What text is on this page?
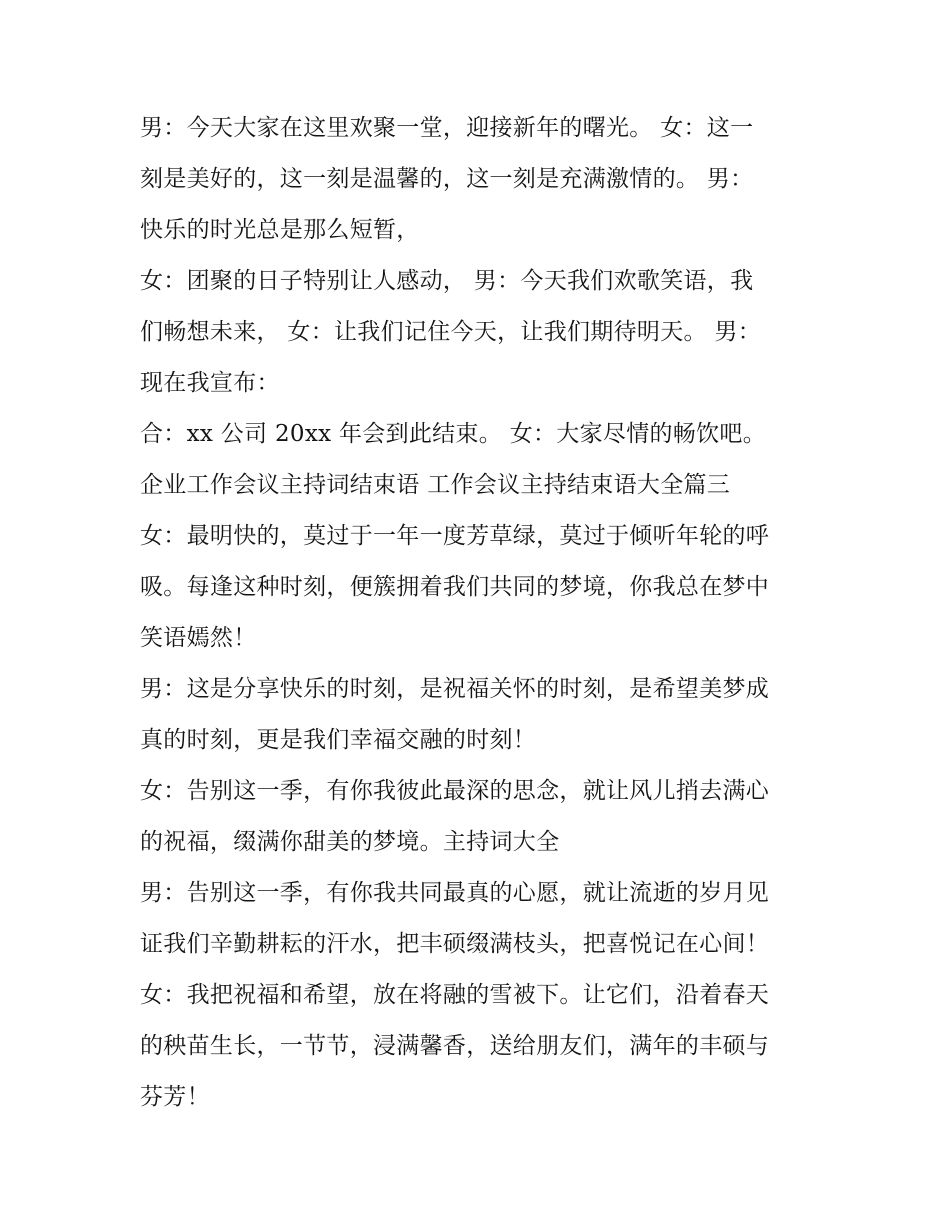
男：今天大家在这里欢聚一堂，迎接新年的曙光。 女：这一
刻是美好的，这一刻是温馨的，这一刻是充满激情的。 男：
快乐的时光总是那么短暂，
女：团聚的日子特别让人感动， 男：今天我们欢歌笑语，我
们畅想未来， 女：让我们记住今天，让我们期待明天。 男：
现在我宣布：
合：xx 公司 20xx 年会到此结束。 女：大家尽情的畅饮吧。
企业工作会议主持词结束语 工作会议主持结束语大全篇三
女：最明快的，莫过于一年一度芳草绿，莫过于倾听年轮的呼
吸。每逢这种时刻，便簇拥着我们共同的梦境，你我总在梦中
笑语嫣然！
男：这是分享快乐的时刻，是祝福关怀的时刻，是希望美梦成
真的时刻，更是我们幸福交融的时刻！
女：告别这一季，有你我彼此最深的思念，就让风儿捎去满心
的祝福，缀满你甜美的梦境。主持词大全
男：告别这一季，有你我共同最真的心愿，就让流逝的岁月见
证我们辛勤耕耘的汗水，把丰硕缀满枝头，把喜悦记在心间！
女：我把祝福和希望，放在将融的雪被下。让它们，沿着春天
的秧苗生长，一节节，浸满馨香，送给朋友们，满年的丰硕与
芬芳！
